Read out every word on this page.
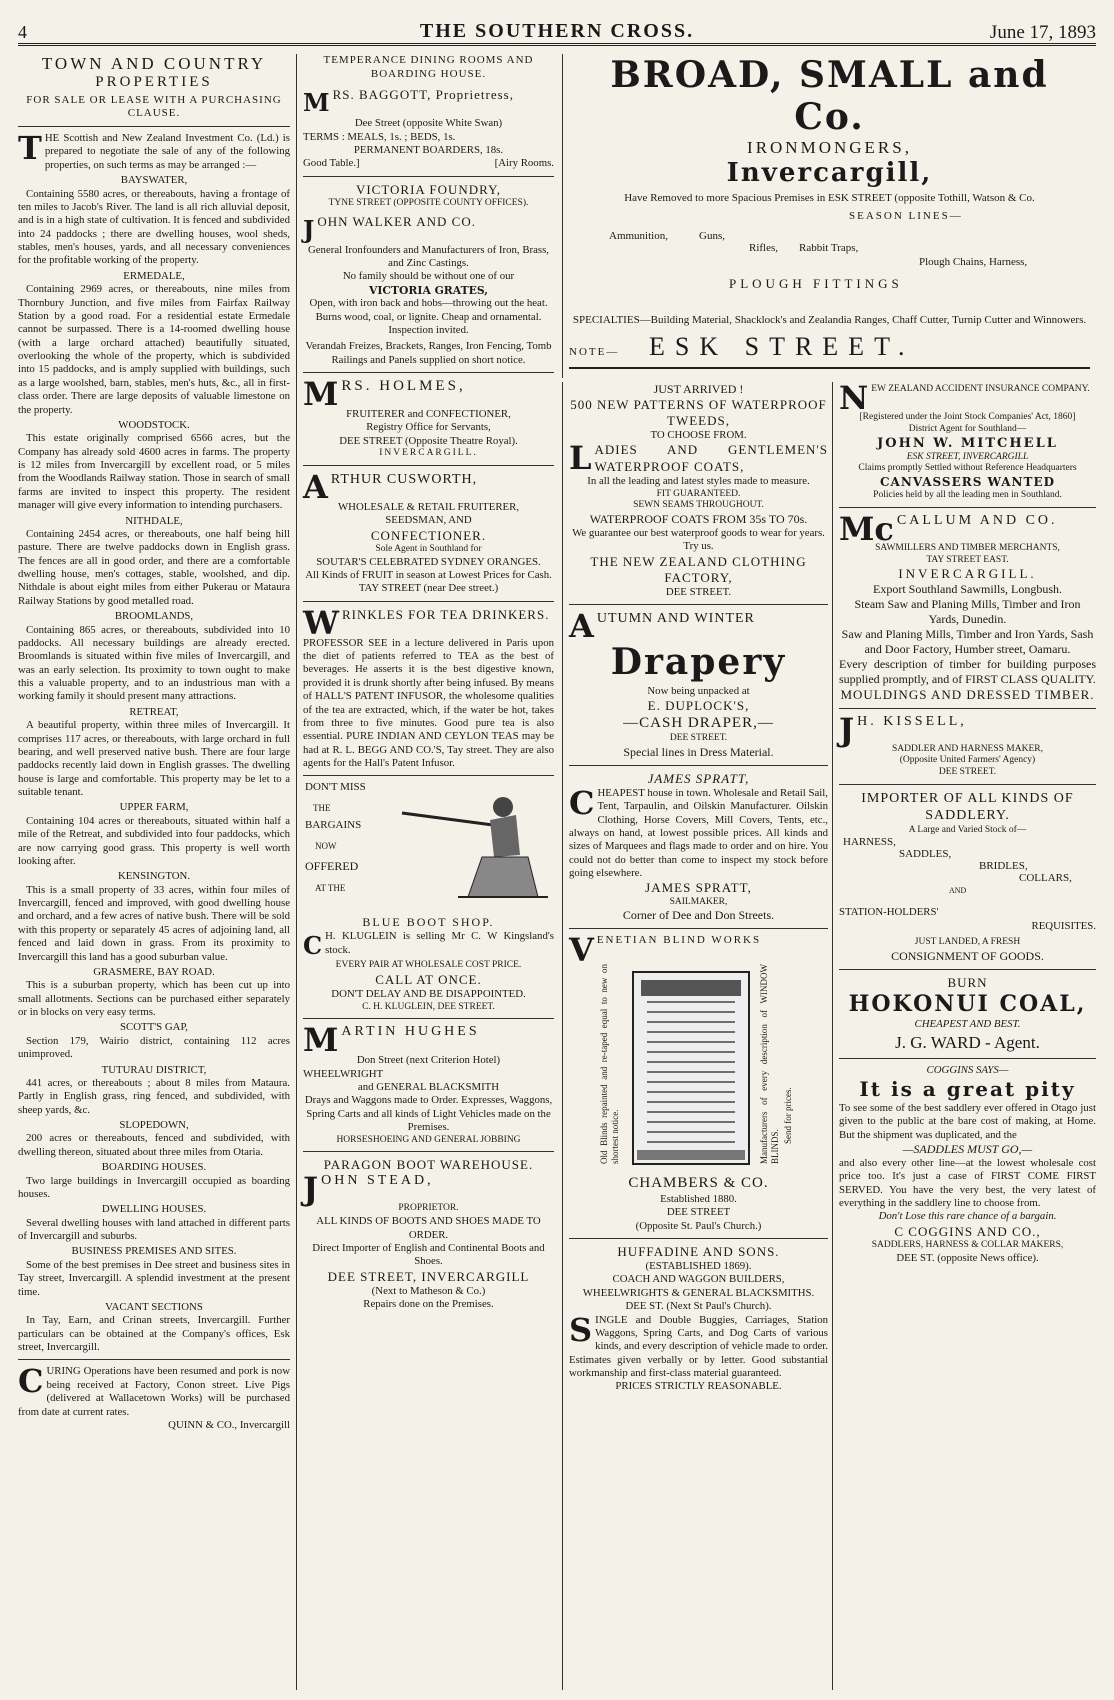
4	THE SOUTHERN CROSS.	June 17, 1893
TOWN AND COUNTRY
PROPERTIES
FOR SALE OR LEASE WITH A PURCHASING CLAUSE.
THE Scottish and New Zealand Investment Co. (Ld.) is prepared to negotiate the sale of any of the following properties, on such terms as may be arranged :—
BAYSWATER,

Containing 5580 acres, or thereabouts, having a frontage of ten miles to Jacob's River. The land is all rich alluvial deposit, and is in a high state of cultivation. It is fenced and subdivided into 24 paddocks ; there are dwelling houses, wool sheds, stables, men's houses, yards, and all necessary conveniences for the profitable working of the property.

ERMEDALE,

Containing 2969 acres, or thereabouts, nine miles from Thornbury Junction, and five miles from Fairfax Railway Station by a good road. For a residential estate Ermedale cannot be surpassed. There is a 14-roomed dwelling house (with a large orchard attached) beautifully situated, overlooking the whole of the property, which is subdivided into 15 paddocks, and is amply supplied with buildings, such as a large woolshed, barn, stables, men's huts, &c., all in first-class order. There are large deposits of valuable limestone on the property.

WOODSTOCK.

This estate originally comprised 6566 acres, but the Company has already sold 4600 acres in farms. The property is 12 miles from Invercargill by excellent road, or 5 miles from the Woodlands Railway station. Those in search of small farms are invited to inspect this property. The resident manager will give every information to intending purchasers.

NITHDALE,

Containing 2454 acres, or thereabouts, one half being hill pasture. There are twelve paddocks down in English grass. The fences are all in good order, and there are a comfortable dwelling house, men's cottages, stable, woolshed, and dip. Nithdale is about eight miles from either Pukerau or Mataura Railway Stations by good metalled road.

BROOMLANDS,

Containing 865 acres, or thereabouts, subdivided into 10 paddocks. All necessary buildings are already erected. Broomlands is situated within five miles of Invercargill, and was an early selection. Its proximity to town ought to make this a valuable property, and to an industrious man with a working family it should present many attractions.

RETREAT,

A beautiful property, within three miles of Invercargill. It comprises 117 acres, or thereabouts, with large orchard in full bearing, and well preserved native bush. There are four large paddocks recently laid down in English grasses. The dwelling house is large and comfortable. This property may be let to a suitable tenant.

UPPER FARM,

Containing 104 acres or thereabouts, situated within half a mile of the Retreat, and subdivided into four paddocks, which are now carrying good grass. This property is well worth looking after.

KENSINGTON.

This is a small property of 33 acres, within four miles of Invercargill, fenced and improved, with good dwelling house and orchard, and a few acres of native bush. There will be sold with this property or separately 45 acres of adjoining land, all fenced and laid down in grass. From its proximity to Invercargill this land has a good suburban value.

GRASMERE, BAY ROAD.

This is a suburban property, which has been cut up into small allotments. Sections can be purchased either separately or in blocks on very easy terms.

SCOTT'S GAP,

Section 179, Wairio district, containing 112 acres unimproved.

TUTURAU DISTRICT,

441 acres, or thereabouts ; about 8 miles from Mataura. Partly in English grass, ring fenced, and subdivided, with sheep yards, &c.

SLOPEDOWN,

200 acres or thereabouts, fenced and subdivided, with dwelling thereon, situated about three miles from Otaria.

BOARDING HOUSES.

Two large buildings in Invercargill occupied as boarding houses.

DWELLING HOUSES.

Several dwelling houses with land attached in different parts of Invercargill and suburbs.

BUSINESS PREMISES AND SITES.

Some of the best premises in Dee street and business sites in Tay street, Invercargill. A splendid investment at the present time.

VACANT SECTIONS

In Tay, Earn, and Crinan streets, Invercargill. Further particulars can be obtained at the Company's offices, Esk street, Invercargill.

CURING Operations have been resumed and pork is now being received at Factory, Conon street. Live Pigs (delivered at Wallacetown Works) will be purchased from date at current rates.
QUINN & CO., Invercargill
TEMPERANCE DINING ROOMS AND BOARDING HOUSE.
MRS. BAGGOTT, Proprietress,
Dee Street (opposite White Swan)
TERMS : MEALS, 1s. ; BEDS, 1s.
PERMANENT BOARDERS, 18s.
Good Table.]	[Airy Rooms.
VICTORIA FOUNDRY,
TYNE STREET (OPPOSITE COUNTY OFFICES).
JOHN WALKER AND CO.
General Ironfounders and Manufacturers of Iron, Brass, and Zinc Castings.
No family should be without one of our
VICTORIA GRATES,
Open, with iron back and hobs—throwing out the heat. Burns wood, coal, or lignite. Cheap and ornamental. Inspection invited.
Verandah Freizes, Brackets, Ranges, Iron Fencing, Tomb Railings and Panels supplied on short notice.
MRS. HOLMES,
FRUITERER and CONFECTIONER,
Registry Office for Servants,
DEE STREET (Opposite Theatre Royal).
INVERCARGILL.
ARTHUR CUSWORTH,
WHOLESALE & RETAIL FRUITERER,
SEEDSMAN, AND
CONFECTIONER.
Sole Agent in Southland for
SOUTAR'S CELEBRATED SYDNEY ORANGES.
All Kinds of FRUIT in season at Lowest Prices for Cash.
TAY STREET (near Dee street.)
WRINKLES FOR TEA DRINKERS.
PROFESSOR SEE in a lecture delivered in Paris upon the diet of patients referred to TEA as the best of beverages. He asserts it is the best digestive known, provided it is drunk shortly after being infused. By means of HALL'S PATENT INFUSOR, the wholesome qualities of the tea are extracted, which, if the water be hot, takes from three to five minutes. Good pure tea is also essential. PURE INDIAN AND CEYLON TEAS may be had at R. L. BEGG AND CO.'S, Tay street. They are also agents for the Hall's Patent Infusor.
DON'T MISS
THE
BARGAINS
NOW
OFFERED
AT THE
BLUE BOOT SHOP.
C H. KLUGLEIN is selling Mr C. W Kingsland's stock.
EVERY PAIR AT WHOLESALE COST PRICE.
CALL AT ONCE.
DON'T DELAY AND BE DISAPPOINTED.
C. H. KLUGLEIN, DEE STREET.
MARTIN HUGHES
Don Street (next Criterion Hotel)
WHEELWRIGHT
and GENERAL BLACKSMITH
Drays and Waggons made to Order. Expresses, Waggons, Spring Carts and all kinds of Light Vehicles made on the Premises.
HORSESHOEING AND GENERAL JOBBING
PARAGON BOOT WAREHOUSE.
JOHN STEAD,
PROPRIETOR.
ALL KINDS OF BOOTS AND SHOES MADE TO ORDER.
Direct Importer of English and Continental Boots and Shoes.
DEE STREET, INVERCARGILL
(Next to Matheson & Co.)
Repairs done on the Premises.
BROAD, SMALL and Co.
IRONMONGERS,
Invercargill,
Have Removed to more Spacious Premises in ESK STREET (opposite Tothill, Watson & Co.
SEASON LINES—
Ammunition,	Guns,
Rifles, Rabbit Traps,
Plough Chains, Harness,
PLOUGH FITTINGS
SPECIALTIES—Building Material, Shacklock's and Zealandia Ranges, Chaff Cutter, Turnip Cutter and Winnowers.
NOTE—	ESK STREET.
JUST ARRIVED !
500 NEW PATTERNS OF WATERPROOF TWEEDS,
TO CHOOSE FROM.
LADIES AND GENTLEMEN'S WATERPROOF COATS,
In all the leading and latest styles made to measure.
FIT GUARANTEED.
SEWN SEAMS THROUGHOUT.
WATERPROOF COATS FROM 35s TO 70s.
We guarantee our best waterproof goods to wear for years. Try us.
THE NEW ZEALAND CLOTHING FACTORY,
DEE STREET.
AUTUMN AND WINTER
Drapery
Now being unpacked at
E. DUPLOCK'S,
—CASH DRAPER,—
DEE STREET.
Special lines in Dress Material.
JAMES SPRATT,
CHEAPEST house in town. Wholesale and Retail Sail, Tent, Tarpaulin, and Oilskin Manufacturer. Oilskin Clothing, Horse Covers, Mill Covers, Tents, etc., always on hand, at lowest possible prices. All kinds and sizes of Marquees and flags made to order and on hire. You could not do better than come to inspect my stock before going elsewhere.
JAMES SPRATT,
SAILMAKER,
Corner of Dee and Don Streets.
VENETIAN BLIND WORKS
Old Blinds repainted and re-taped equal to new on shortest notice.	Manufacturers of every description of WINDOW BLINDS.
Send for prices.
CHAMBERS & CO.
Established 1880.
DEE STREET
(Opposite St. Paul's Church.)
HUFFADINE AND SONS.
(ESTABLISHED 1869).
COACH AND WAGGON BUILDERS, WHEELWRIGHTS & GENERAL BLACKSMITHS.
DEE ST. (Next St Paul's Church).
SINGLE and Double Buggies, Carriages, Station Waggons, Spring Carts, and Dog Carts of various kinds, and every description of vehicle made to order. Estimates given verbally or by letter. Good substantial workmanship and first-class material guaranteed.
PRICES STRICTLY REASONABLE.
NEW ZEALAND ACCIDENT INSURANCE COMPANY.
[Registered under the Joint Stock Companies' Act, 1860]
District Agent for Southland—
JOHN W. MITCHELL
ESK STREET, INVERCARGILL
Claims promptly Settled without Reference Headquarters
CANVASSERS WANTED
Policies held by all the leading men in Southland.
Mc CALLUM AND CO.
SAWMILLERS AND TIMBER MERCHANTS,
TAY STREET EAST.
INVERCARGILL.
Export Southland Sawmills, Longbush.
Steam Saw and Planing Mills, Timber and Iron Yards, Dunedin.
Saw and Planing Mills, Timber and Iron Yards, Sash and Door Factory, Humber street, Oamaru.
Every description of timber for building purposes supplied promptly, and of FIRST CLASS QUALITY.
MOULDINGS AND DRESSED TIMBER.
J H. KISSELL,
SADDLER AND HARNESS MAKER,
(Opposite United Farmers' Agency)
DEE STREET.
IMPORTER OF ALL KINDS OF SADDLERY.
A Large and Varied Stock of—
HARNESS,
SADDLES,
BRIDLES,
COLLARS,
AND
STATION-HOLDERS'
REQUISITES.
JUST LANDED, A FRESH
CONSIGNMENT OF GOODS.
BURN
HOKONUI COAL,
CHEAPEST AND BEST.
J. G. WARD - Agent.
COGGINS SAYS—
It is a great pity
To see some of the best saddlery ever offered in Otago just given to the public at the bare cost of making, at Home. But the shipment was duplicated, and the
—SADDLES MUST GO,—
and also every other line—at the lowest wholesale cost price too. It's just a case of FIRST COME FIRST SERVED. You have the very best, the very latest of everything in the saddlery line to choose from.
Don't Lose this rare chance of a bargain.
C COGGINS AND CO.,
SADDLERS, HARNESS & COLLAR MAKERS,
DEE ST. (opposite News office).
